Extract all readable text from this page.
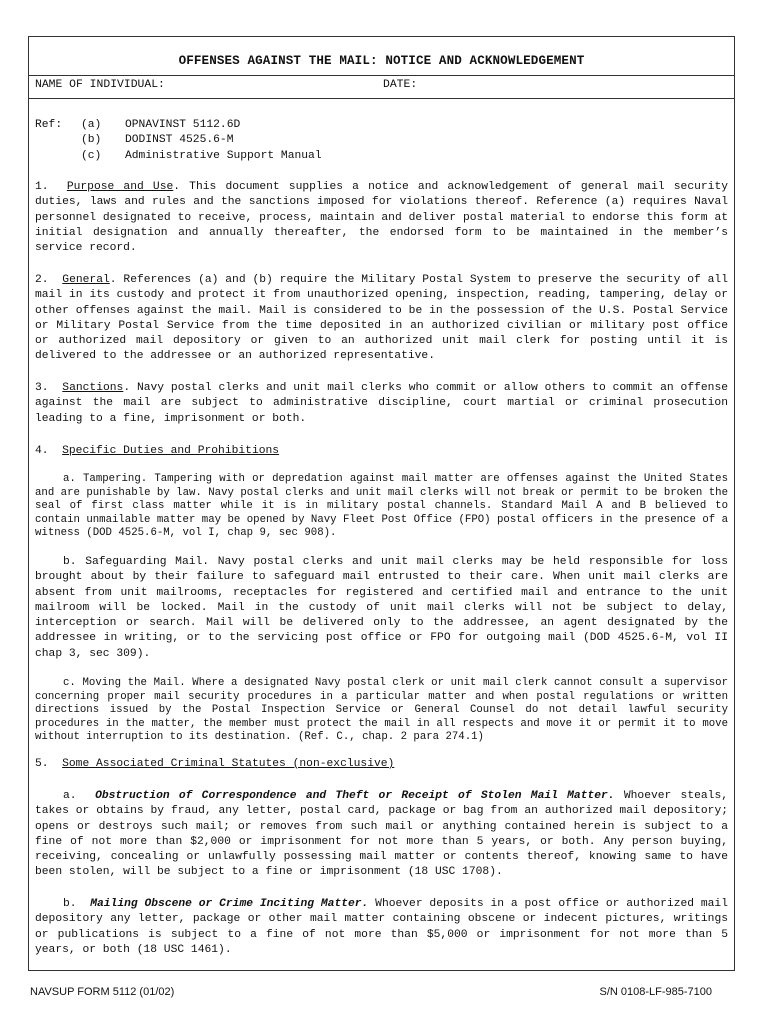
OFFENSES AGAINST THE MAIL: NOTICE AND ACKNOWLEDGEMENT
NAME OF INDIVIDUAL:	DATE:
Ref:	(a)	OPNAVINST 5112.6D
(b)	DODINST 4525.6-M
(c)	Administrative Support Manual

1. Purpose and Use. This document supplies a notice and acknowledgement of general mail security duties, laws and rules and the sanctions imposed for violations thereof. Reference (a) requires Naval personnel designated to receive, process, maintain and deliver postal material to endorse this form at initial designation and annually thereafter, the endorsed form to be maintained in the member’s service record.

2. General. References (a) and (b) require the Military Postal System to preserve the security of all mail in its custody and protect it from unauthorized opening, inspection, reading, tampering, delay or other offenses against the mail. Mail is considered to be in the possession of the U.S. Postal Service or Military Postal Service from the time deposited in an authorized civilian or military post office or authorized mail depository or given to an authorized unit mail clerk for posting until it is delivered to the addressee or an authorized representative.

3. Sanctions. Navy postal clerks and unit mail clerks who commit or allow others to commit an offense against the mail are subject to administrative discipline, court martial or criminal prosecution leading to a fine, imprisonment or both.

4. Specific Duties and Prohibitions

a. Tampering. Tampering with or depredation against mail matter are offenses against the United States and are punishable by law. Navy postal clerks and unit mail clerks will not break or permit to be broken the seal of first class matter while it is in military postal channels. Standard Mail A and B believed to contain unmailable matter may be opened by Navy Fleet Post Office (FPO) postal officers in the presence of a witness (DOD 4525.6-M, vol I, chap 9, sec 908).

b. Safeguarding Mail. Navy postal clerks and unit mail clerks may be held responsible for loss brought about by their failure to safeguard mail entrusted to their care. When unit mail clerks are absent from unit mailrooms, receptacles for registered and certified mail and entrance to the unit mailroom will be locked. Mail in the custody of unit mail clerks will not be subject to delay, interception or search. Mail will be delivered only to the addressee, an agent designated by the addressee in writing, or to the servicing post office or FPO for outgoing mail (DOD 4525.6-M, vol II chap 3, sec 309).

c. Moving the Mail. Where a designated Navy postal clerk or unit mail clerk cannot consult a supervisor concerning proper mail security procedures in a particular matter and when postal regulations or written directions issued by the Postal Inspection Service or General Counsel do not detail lawful security procedures in the matter, the member must protect the mail in all respects and move it or permit it to move without interruption to its destination. (Ref. C., chap. 2 para 274.1)

5. Some Associated Criminal Statutes (non-exclusive)

a. Obstruction of Correspondence and Theft or Receipt of Stolen Mail Matter. Whoever steals, takes or obtains by fraud, any letter, postal card, package or bag from an authorized mail depository; opens or destroys such mail; or removes from such mail or anything contained herein is subject to a fine of not more than $2,000 or imprisonment for not more than 5 years, or both. Any person buying, receiving, concealing or unlawfully possessing mail matter or contents thereof, knowing same to have been stolen, will be subject to a fine or imprisonment (18 USC 1708).

b. Mailing Obscene or Crime Inciting Matter. Whoever deposits in a post office or authorized mail depository any letter, package or other mail matter containing obscene or indecent pictures, writings or publications is subject to a fine of not more than $5,000 or imprisonment for not more than 5 years, or both (18 USC 1461).

NAVSUP FORM 5112 (01/02)	S/N 0108-LF-985-7100
